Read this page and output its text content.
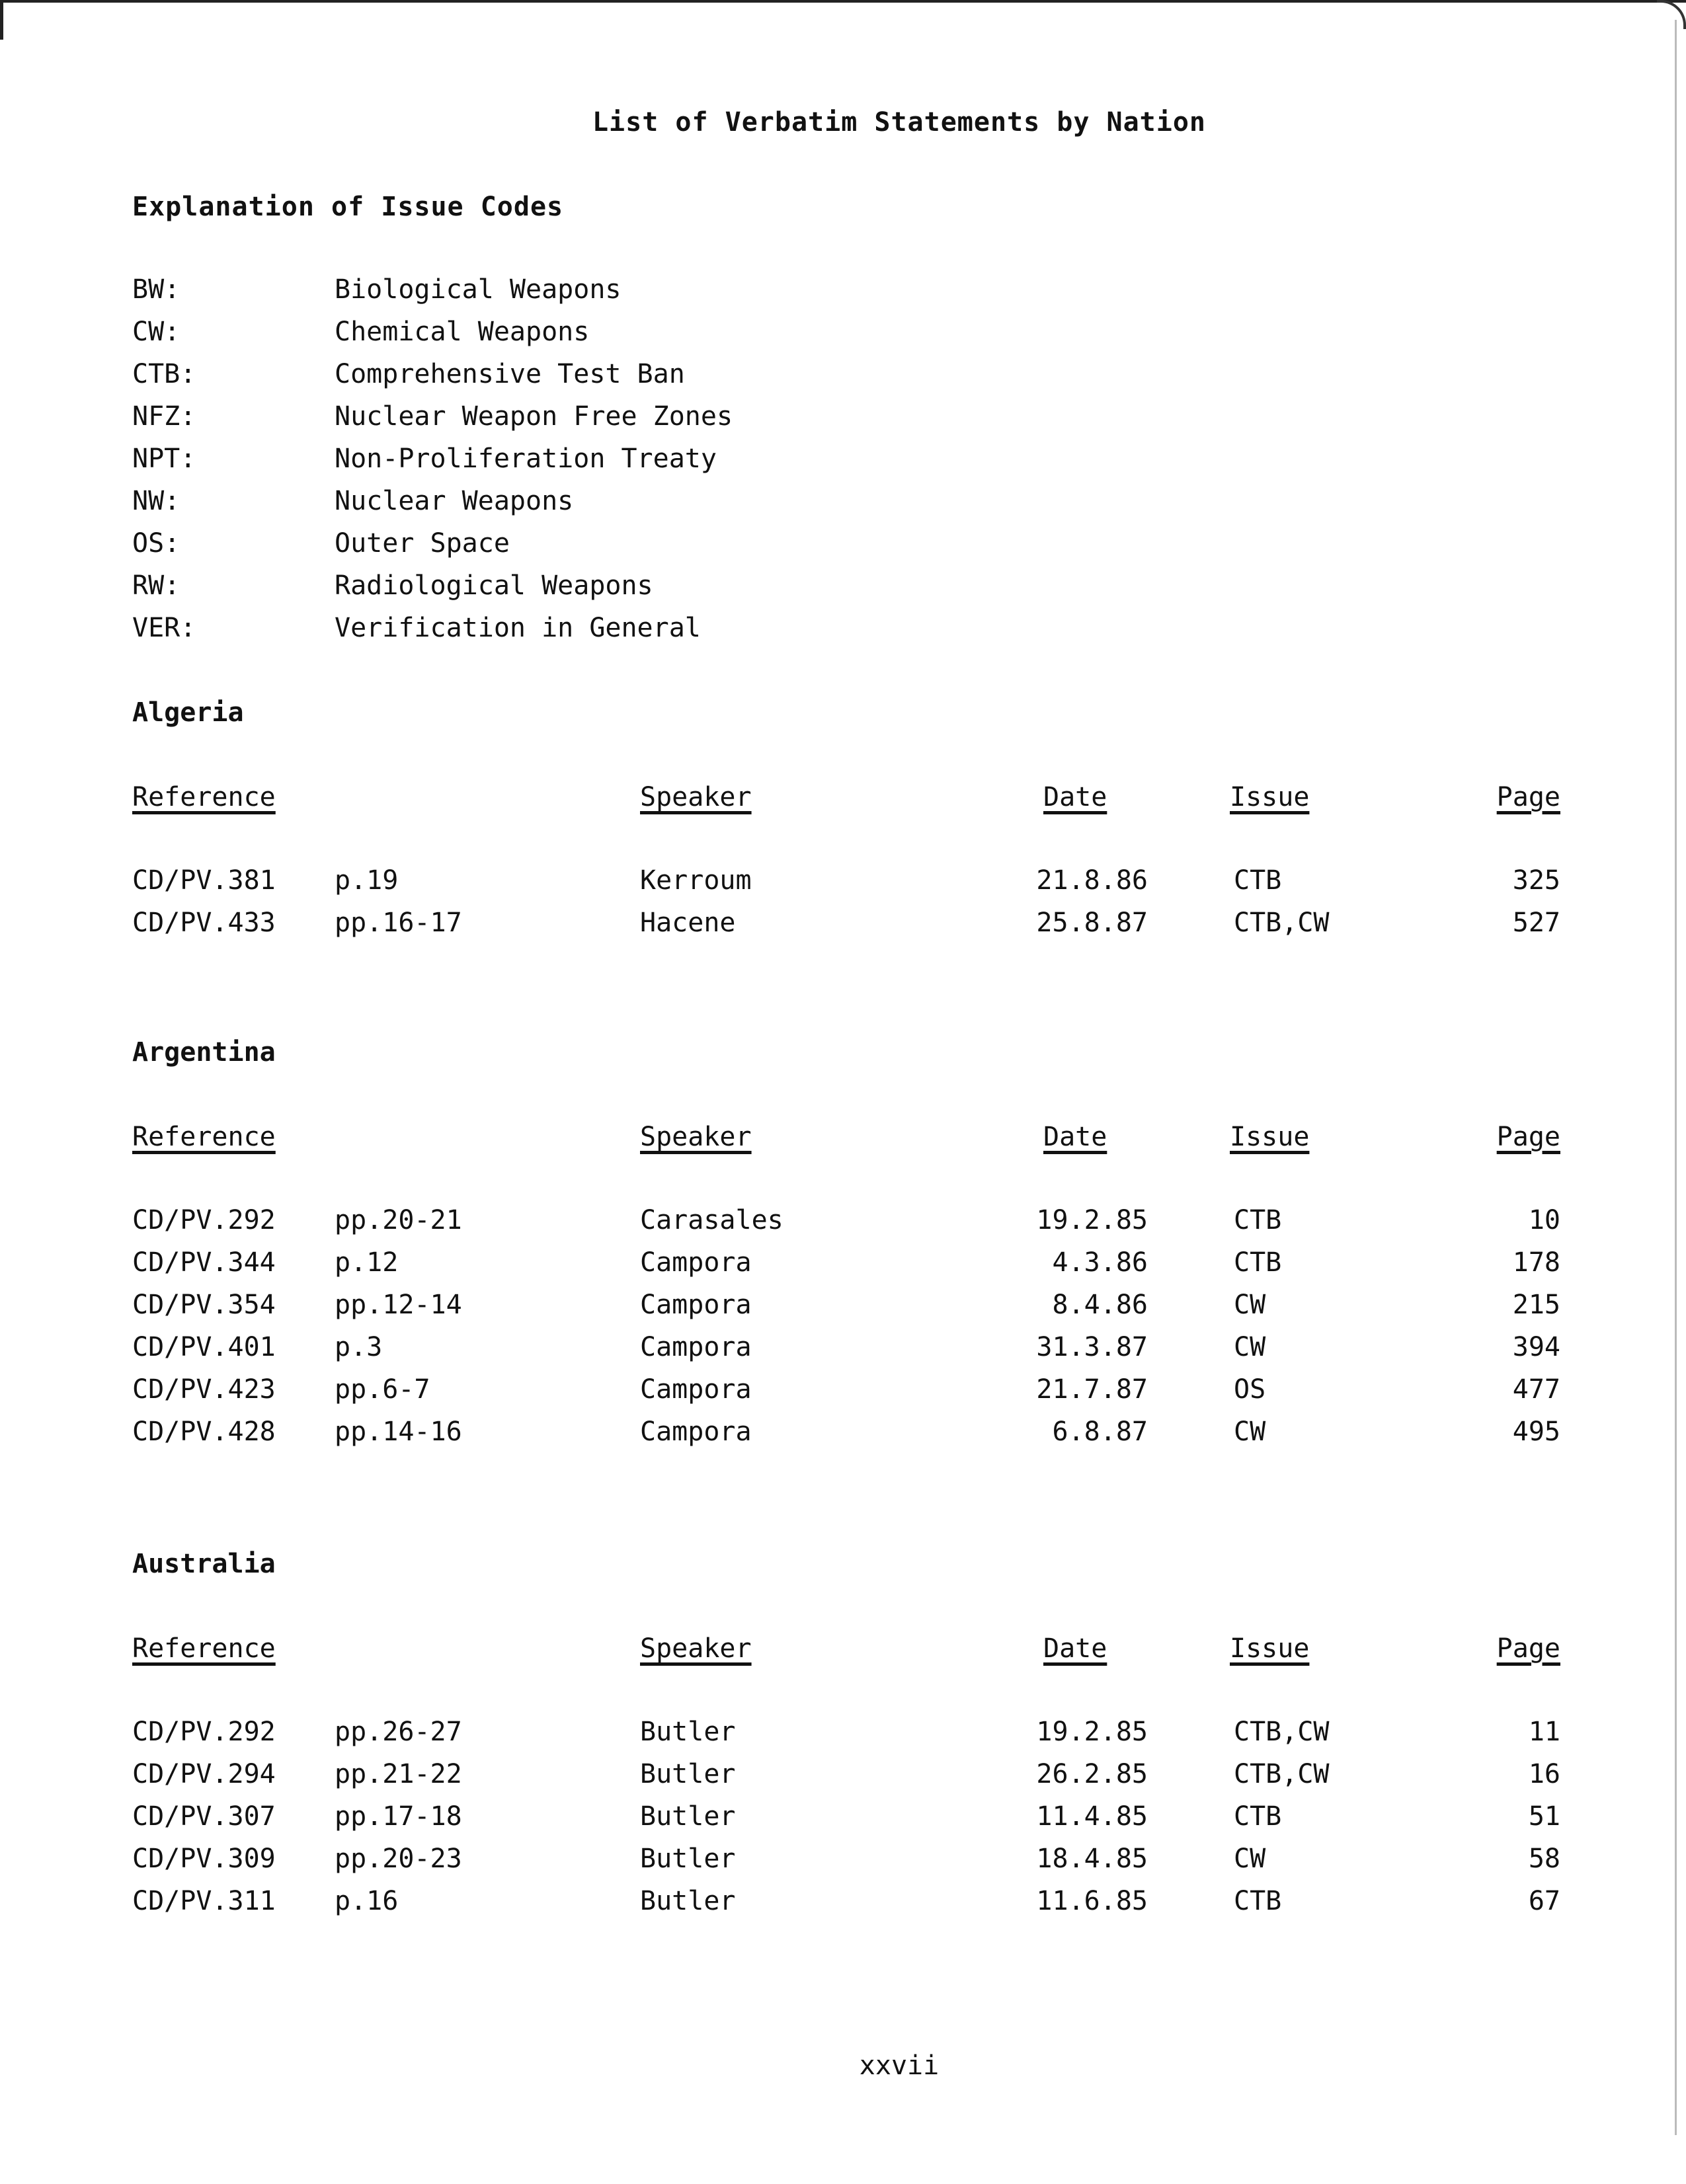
List of Verbatim Statements by Nation
Explanation of Issue Codes
BW:	Biological Weapons
CW:	Chemical Weapons
CTB:	Comprehensive Test Ban
NFZ:	Nuclear Weapon Free Zones
NPT:	Non-Proliferation Treaty
NW:	Nuclear Weapons
OS:	Outer Space
RW:	Radiological Weapons
VER:	Verification in General
Algeria
Reference	Speaker	Date	Issue	Page
CD/PV.381 p.19	Kerroum	21.8.86	CTB	325
CD/PV.433 pp.16-17	Hacene	25.8.87	CTB,CW	527
Argentina
Reference	Speaker	Date	Issue	Page
CD/PV.292 pp.20-21	Carasales	19.2.85	CTB	10
CD/PV.344 p.12	Campora	4.3.86	CTB	178
CD/PV.354 pp.12-14	Campora	8.4.86	CW	215
CD/PV.401 p.3	Campora	31.3.87	CW	394
CD/PV.423 pp.6-7	Campora	21.7.87	OS	477
CD/PV.428 pp.14-16	Campora	6.8.87	CW	495
Australia
Reference	Speaker	Date	Issue	Page
CD/PV.292 pp.26-27	Butler	19.2.85	CTB,CW	11
CD/PV.294 pp.21-22	Butler	26.2.85	CTB,CW	16
CD/PV.307 pp.17-18	Butler	11.4.85	CTB	51
CD/PV.309 pp.20-23	Butler	18.4.85	CW	58
CD/PV.311 p.16	Butler	11.6.85	CTB	67
xxvii
